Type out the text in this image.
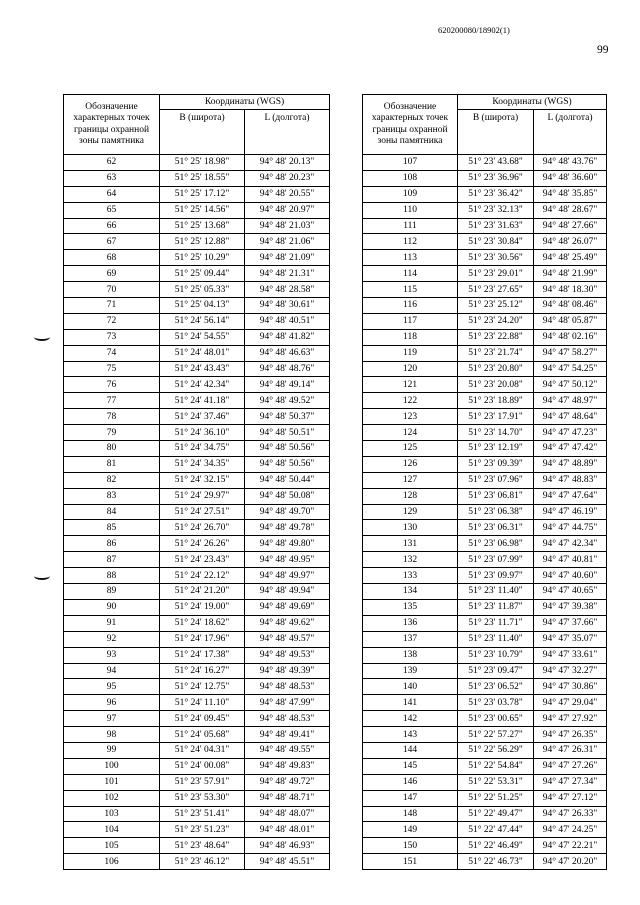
620200080/18902(1)
99
Обозначение характерных точек границы охранной зоны памятника	Координаты (WGS)	
	B (широта)	L (долгота)
62	51° 25' 18.98"	94° 48' 20.13"
63	51° 25' 18.55"	94° 48' 20.23"
64	51° 25' 17.12"	94° 48' 20.55"
65	51° 25' 14.56"	94° 48' 20.97"
66	51° 25' 13.68"	94° 48' 21.03"
67	51° 25' 12.88"	94° 48' 21.06"
68	51° 25' 10.29"	94° 48' 21.09"
69	51° 25' 09.44"	94° 48' 21.31"
70	51° 25' 05.33"	94° 48' 28.58"
71	51° 25' 04.13"	94° 48' 30.61"
72	51° 24' 56.14"	94° 48' 40.51"
73	51° 24' 54.55"	94° 48' 41.82"
74	51° 24' 48.01"	94° 48' 46.63"
75	51° 24' 43.43"	94° 48' 48.76"
76	51° 24' 42.34"	94° 48' 49.14"
77	51° 24' 41.18"	94° 48' 49.52"
78	51° 24' 37.46"	94° 48' 50.37"
79	51° 24' 36.10"	94° 48' 50.51"
80	51° 24' 34.75"	94° 48' 50.56"
81	51° 24' 34.35"	94° 48' 50.56"
82	51° 24' 32.15"	94° 48' 50.44"
83	51° 24' 29.97"	94° 48' 50.08"
84	51° 24' 27.51"	94° 48' 49.70"
85	51° 24' 26.70"	94° 48' 49.78"
86	51° 24' 26.26"	94° 48' 49.80"
87	51° 24' 23.43"	94° 48' 49.95"
88	51° 24' 22.12"	94° 48' 49.97"
89	51° 24' 21.20"	94° 48' 49.94"
90	51° 24' 19.00"	94° 48' 49.69"
91	51° 24' 18.62"	94° 48' 49.62"
92	51° 24' 17.96"	94° 48' 49.57"
93	51° 24' 17.38"	94° 48' 49.53"
94	51° 24' 16.27"	94° 48' 49.39"
95	51° 24' 12.75"	94° 48' 48.53"
96	51° 24' 11.10"	94° 48' 47.99"
97	51° 24' 09.45"	94° 48' 48.53"
98	51° 24' 05.68"	94° 48' 49.41"
99	51° 24' 04.31"	94° 48' 49.55"
100	51° 24' 00.08"	94° 48' 49.83"
101	51° 23' 57.91"	94° 48' 49.72"
102	51° 23' 53.30"	94° 48' 48.71"
103	51° 23' 51.41"	94° 48' 48.07"
104	51° 23' 51.23"	94° 48' 48.01"
105	51° 23' 48.64"	94° 48' 46.93"
106	51° 23' 46.12"	94° 48' 45.51"
Обозначение характерных точек границы охранной зоны памятника	Координаты (WGS)	
	B (широта)	L (долгота)
107	51° 23' 43.68"	94° 48' 43.76"
108	51° 23' 36.96"	94° 48' 36.60"
109	51° 23' 36.42"	94° 48' 35.85"
110	51° 23' 32.13"	94° 48' 28.67"
111	51° 23' 31.63"	94° 48' 27.66"
112	51° 23' 30.84"	94° 48' 26.07"
113	51° 23' 30.56"	94° 48' 25.49"
114	51° 23' 29.01"	94° 48' 21.99"
115	51° 23' 27.65"	94° 48' 18.30"
116	51° 23' 25.12"	94° 48' 08.46"
117	51° 23' 24.20"	94° 48' 05.87"
118	51° 23' 22.88"	94° 48' 02.16"
119	51° 23' 21.74"	94° 47' 58.27"
120	51° 23' 20.80"	94° 47' 54.25"
121	51° 23' 20.08"	94° 47' 50.12"
122	51° 23' 18.89"	94° 47' 48.97"
123	51° 23' 17.91"	94° 47' 48.64"
124	51° 23' 14.70"	94° 47' 47.23"
125	51° 23' 12.19"	94° 47' 47.42"
126	51° 23' 09.39"	94° 47' 48.89"
127	51° 23' 07.96"	94° 47' 48.83"
128	51° 23' 06.81"	94° 47' 47.64"
129	51° 23' 06.38"	94° 47' 46.19"
130	51° 23' 06.31"	94° 47' 44.75"
131	51° 23' 06.98"	94° 47' 42.34"
132	51° 23' 07.99"	94° 47' 40.81"
133	51° 23' 09.97"	94° 47' 40.60"
134	51° 23' 11.40"	94° 47' 40.65"
135	51° 23' 11.87"	94° 47' 39.38"
136	51° 23' 11.71"	94° 47' 37.66"
137	51° 23' 11.40"	94° 47' 35.07"
138	51° 23' 10.79"	94° 47' 33.61"
139	51° 23' 09.47"	94° 47' 32.27"
140	51° 23' 06.52"	94° 47' 30.86"
141	51° 23' 03.78"	94° 47' 29.04"
142	51° 23' 00.65"	94° 47' 27.92"
143	51° 22' 57.27"	94° 47' 26.35"
144	51° 22' 56.29"	94° 47' 26.31"
145	51° 22' 54.84"	94° 47' 27.26"
146	51° 22' 53.31"	94° 47' 27.34"
147	51° 22' 51.25"	94° 47' 27.12"
148	51° 22' 49.47"	94° 47' 26.33"
149	51° 22' 47.44"	94° 47' 24.25"
150	51° 22' 46.49"	94° 47' 22.21"
151	51° 22' 46.73"	94° 47' 20.20"
